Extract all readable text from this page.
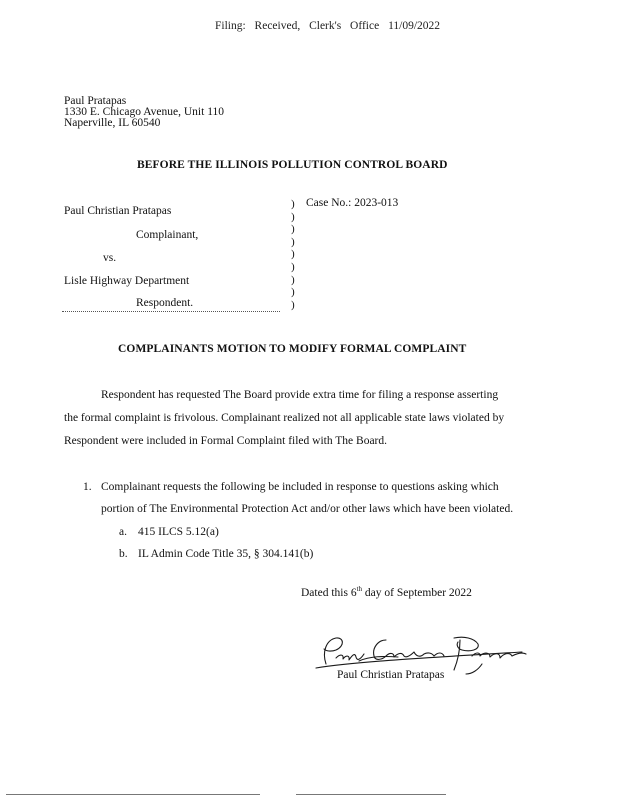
Filing: Received, Clerk's Office 11/09/2022
Paul Pratapas
1330 E. Chicago Avenue, Unit 110
Naperville, IL 60540
BEFORE THE ILLINOIS POLLUTION CONTROL BOARD
Paul Christian Pratapas
Complainant,
vs.
Lisle Highway Department
Respondent.
)
)
)
)
)
)
)
)
)
Case No.: 2023-013
COMPLAINANTS MOTION TO MODIFY FORMAL COMPLAINT
Respondent has requested The Board provide extra time for filing a response asserting
the formal complaint is frivolous. Complainant realized not all applicable state laws violated by
Respondent were included in Formal Complaint filed with The Board.
1. Complainant requests the following be included in response to questions asking which
portion of The Environmental Protection Act and/or other laws which have been violated.
a. 415 ILCS 5.12(a)
b. IL Admin Code Title 35, § 304.141(b)
Dated this 6th day of September 2022
Paul Christian Pratapas
